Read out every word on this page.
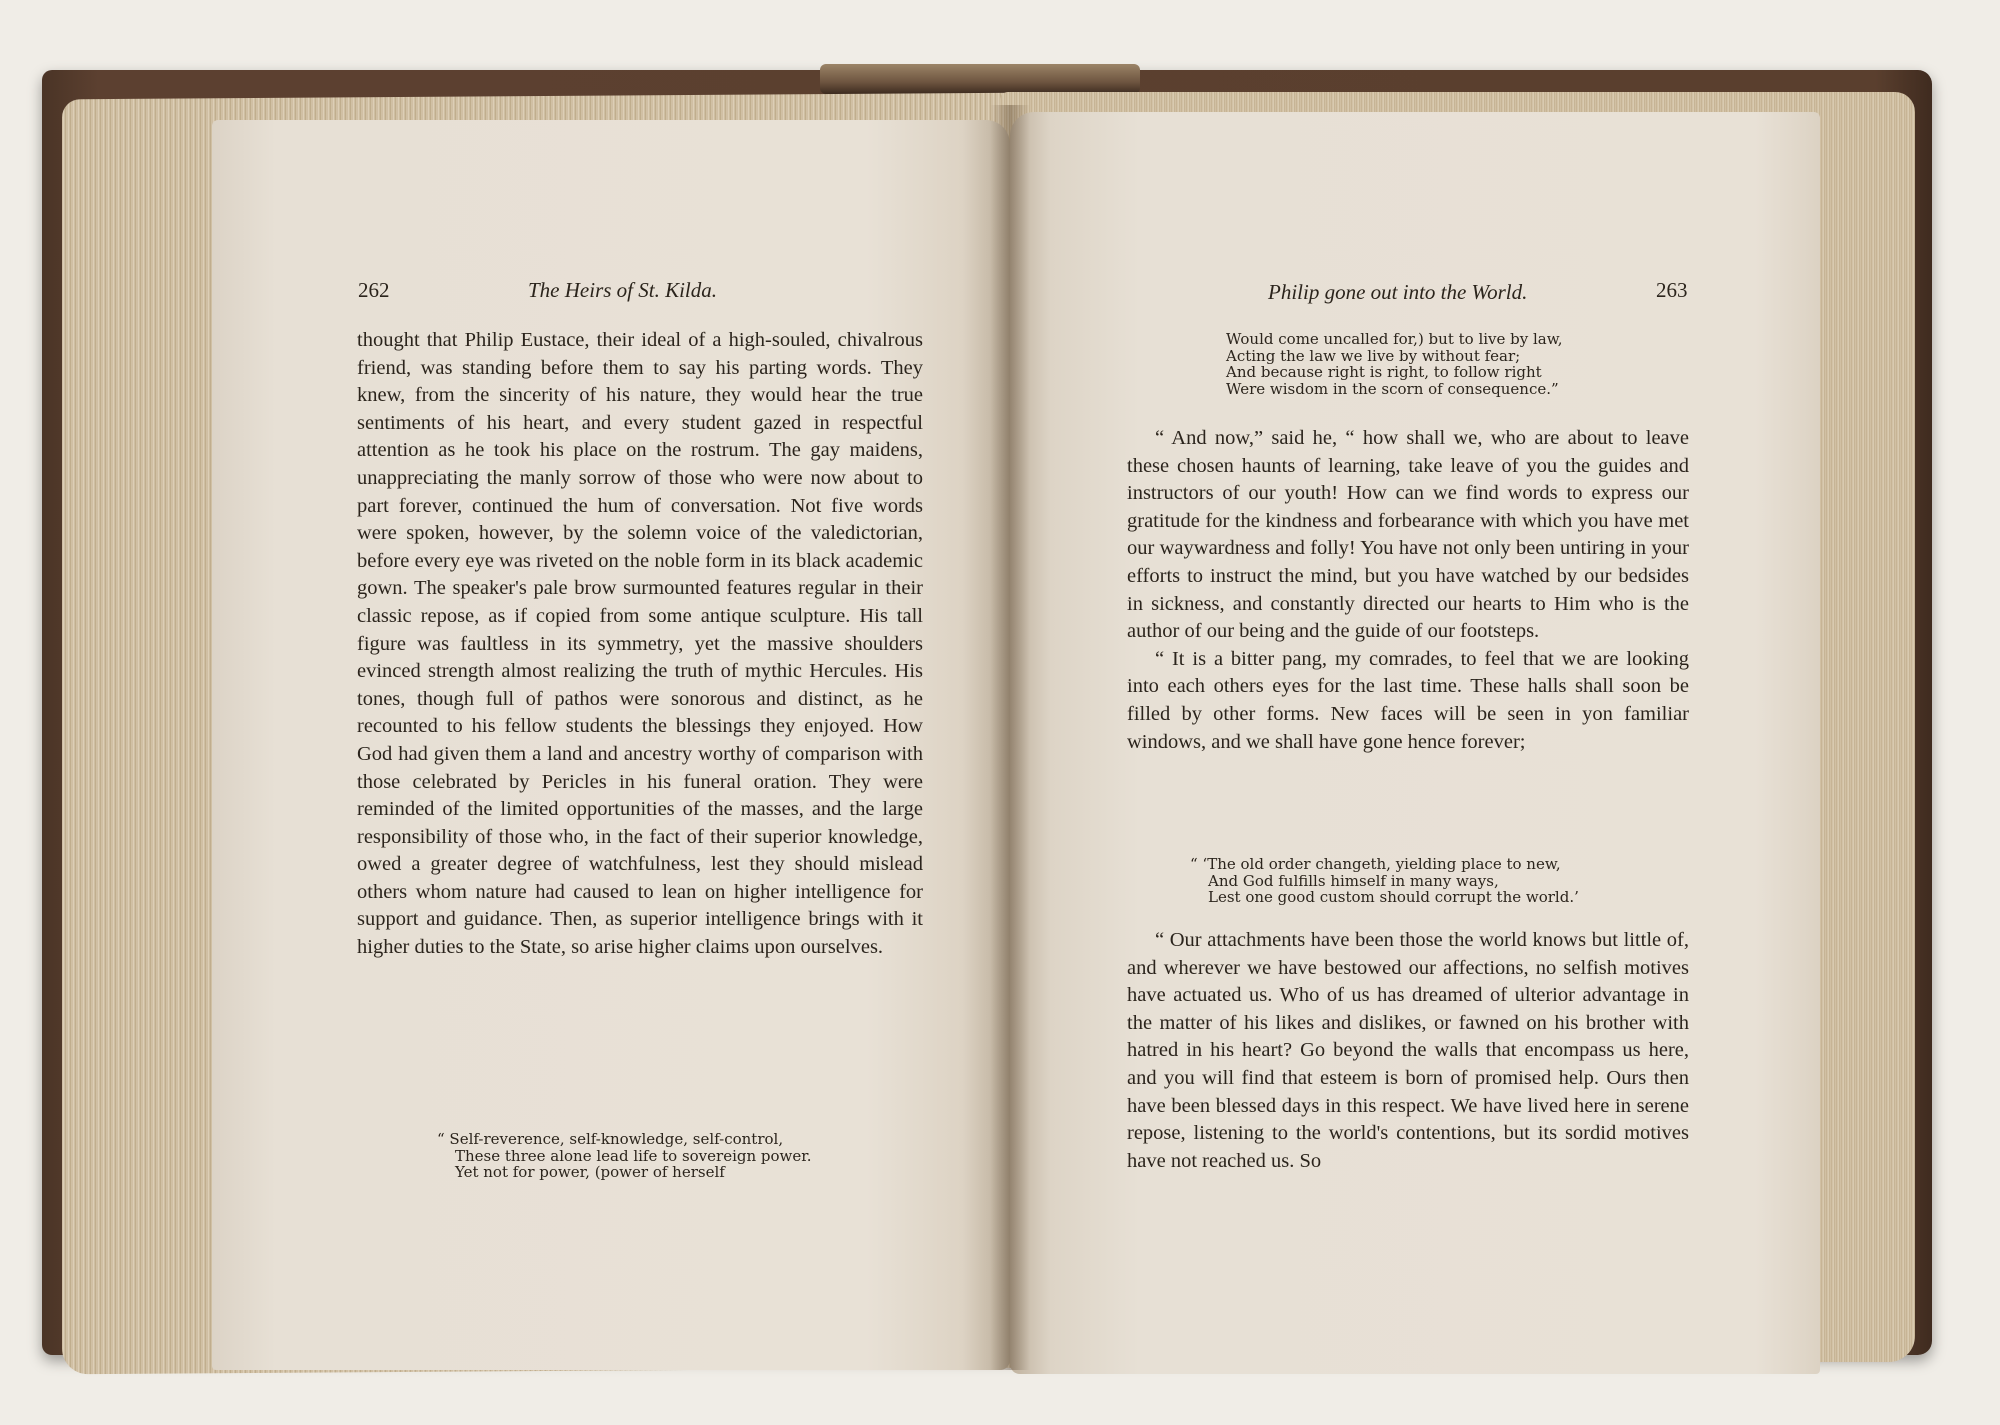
262	The Heirs of St. Kilda.

thought that Philip Eustace, their ideal of a high-souled, chivalrous friend, was standing before them to say his parting words. They knew, from the sincerity of his nature, they would hear the true sentiments of his heart, and every student gazed in respectful attention as he took his place on the rostrum. The gay maidens, unappreciating the manly sorrow of those who were now about to part forever, continued the hum of conversation. Not five words were spoken, however, by the solemn voice of the valedictorian, before every eye was riveted on the noble form in its black academic gown. The speaker's pale brow surmounted features regular in their classic repose, as if copied from some antique sculpture. His tall figure was faultless in its symmetry, yet the massive shoulders evinced strength almost realizing the truth of mythic Hercules. His tones, though full of pathos were sonorous and distinct, as he recounted to his fellow students the blessings they enjoyed. How God had given them a land and ancestry worthy of comparison with those celebrated by Pericles in his funeral oration. They were reminded of the limited opportunities of the masses, and the large responsibility of those who, in the fact of their superior knowledge, owed a greater degree of watchfulness, lest they should mislead others whom nature had caused to lean on higher intelligence for support and guidance. Then, as superior intelligence brings with it higher duties to the State, so arise higher claims upon ourselves.

“ Self-reverence, self-knowledge, self-control,
These three alone lead life to sovereign power.
Yet not for power, (power of herself
Philip gone out into the World.	263
Would come uncalled for,) but to live by law,
Acting the law we live by without fear;
And because right is right, to follow right
Were wisdom in the scorn of consequence.”

“ And now,” said he, “ how shall we, who are about to leave these chosen haunts of learning, take leave of you the guides and instructors of our youth! How can we find words to express our gratitude for the kindness and forbearance with which you have met our waywardness and folly! You have not only been untiring in your efforts to instruct the mind, but you have watched by our bedsides in sickness, and constantly directed our hearts to Him who is the author of our being and the guide of our footsteps.

“ It is a bitter pang, my comrades, to feel that we are looking into each others eyes for the last time. These halls shall soon be filled by other forms. New faces will be seen in yon familiar windows, and we shall have gone hence forever;

“ ‘The old order changeth, yielding place to new,
And God fulfills himself in many ways,
Lest one good custom should corrupt the world.’

“ Our attachments have been those the world knows but little of, and wherever we have bestowed our affections, no selfish motives have actuated us. Who of us has dreamed of ulterior advantage in the matter of his likes and dislikes, or fawned on his brother with hatred in his heart? Go beyond the walls that encompass us here, and you will find that esteem is born of promised help. Ours then have been blessed days in this respect. We have lived here in serene repose, listening to the world's contentions, but its sordid motives have not reached us. So
